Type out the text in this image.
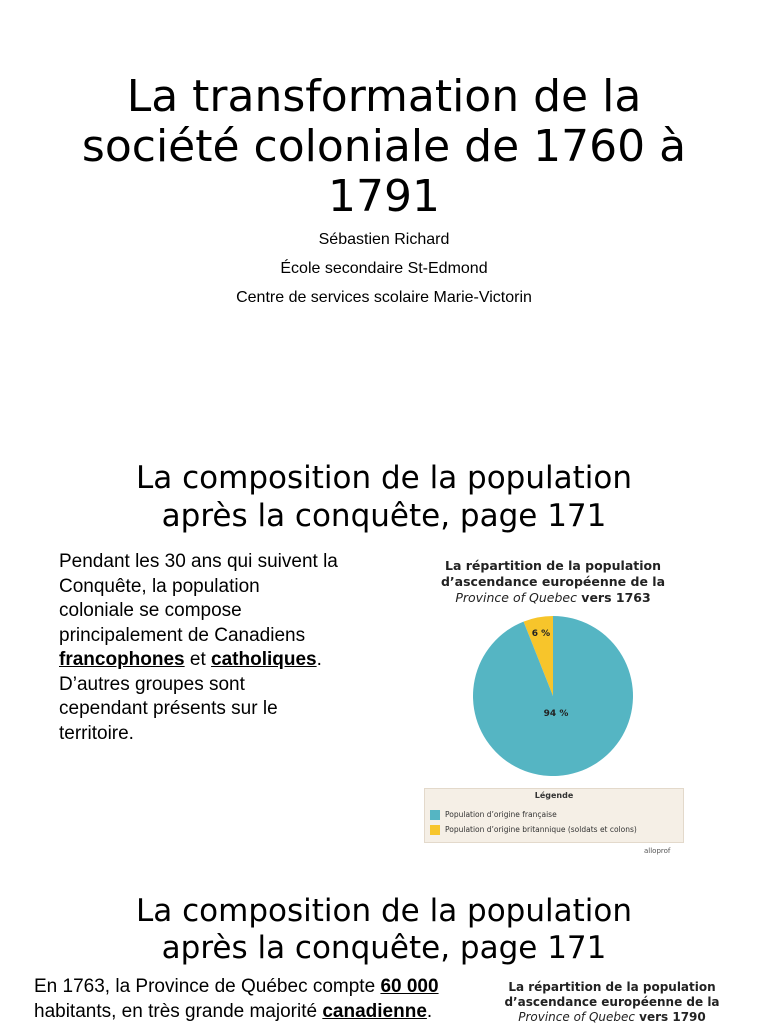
La transformation de la société coloniale de 1760 à 1791
Sébastien Richard
École secondaire St-Edmond
Centre de services scolaire Marie-Victorin
La composition de la population
après la conquête, page 171
Pendant les 30 ans qui suivent la
Conquête, la population
coloniale se compose
principalement de Canadiens
francophones et catholiques.
D’autres groupes sont
cependant présents sur le
territoire.
La répartition de la population
d’ascendance européenne de la
Province of Quebec vers 1763
94 %
6 %
Légende
Population d’origine française
Population d’origine britannique (soldats et colons)
alloprof
La composition de la population
après la conquête, page 171
En 1763, la Province de Québec compte 60 000
habitants, en très grande majorité canadienne.
La répartition de la population
d’ascendance européenne de la
Province of Quebec vers 1790
